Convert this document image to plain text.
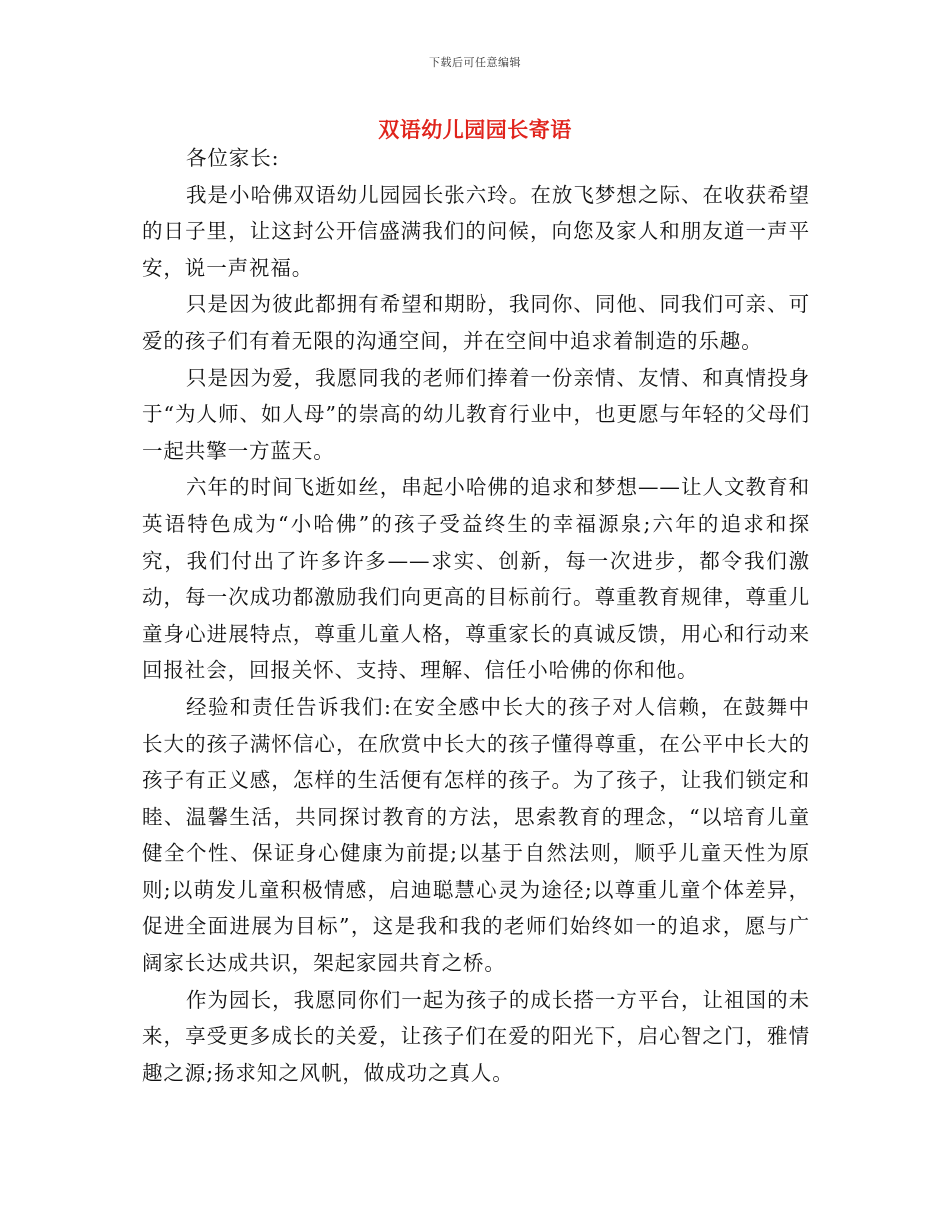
下载后可任意编辑
双语幼儿园园长寄语

各位家长:

我是小哈佛双语幼儿园园长张六玲。在放飞梦想之际、在收获希望的日子里，让这封公开信盛满我们的问候，向您及家人和朋友道一声平安，说一声祝福。

只是因为彼此都拥有希望和期盼，我同你、同他、同我们可亲、可爱的孩子们有着无限的沟通空间，并在空间中追求着制造的乐趣。

只是因为爱，我愿同我的老师们捧着一份亲情、友情、和真情投身于“为人师、如人母”的崇高的幼儿教育行业中，也更愿与年轻的父母们一起共擎一方蓝天。

六年的时间飞逝如丝，串起小哈佛的追求和梦想——让人文教育和英语特色成为“小哈佛”的孩子受益终生的幸福源泉;六年的追求和探究，我们付出了许多许多——求实、创新，每一次进步，都令我们激动，每一次成功都激励我们向更高的目标前行。尊重教育规律，尊重儿童身心进展特点，尊重儿童人格，尊重家长的真诚反馈，用心和行动来回报社会，回报关怀、支持、理解、信任小哈佛的你和他。

经验和责任告诉我们:在安全感中长大的孩子对人信赖，在鼓舞中长大的孩子满怀信心，在欣赏中长大的孩子懂得尊重，在公平中长大的孩子有正义感，怎样的生活便有怎样的孩子。为了孩子，让我们锁定和睦、温馨生活，共同探讨教育的方法，思索教育的理念，“以培育儿童健全个性、保证身心健康为前提;以基于自然法则，顺乎儿童天性为原则;以萌发儿童积极情感，启迪聪慧心灵为途径;以尊重儿童个体差异，促进全面进展为目标”，这是我和我的老师们始终如一的追求，愿与广阔家长达成共识，架起家园共育之桥。

作为园长，我愿同你们一起为孩子的成长搭一方平台，让祖国的未来，享受更多成长的关爱，让孩子们在爱的阳光下，启心智之门，雅情趣之源;扬求知之风帆，做成功之真人。
